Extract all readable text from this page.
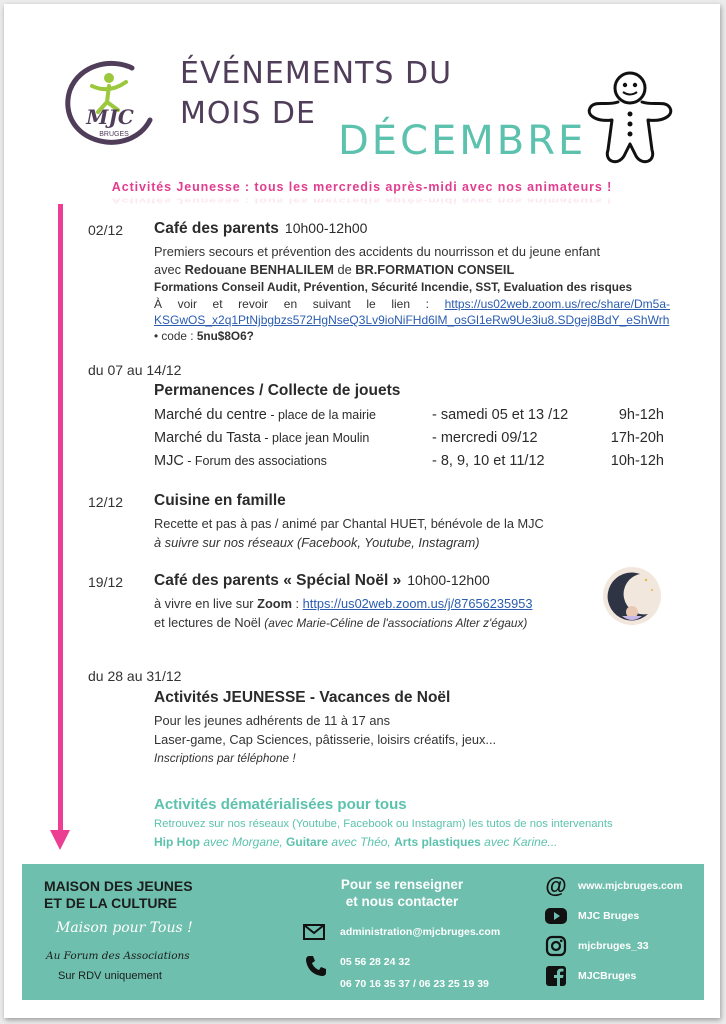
MJC
BRUGES
ÉVÉNEMENTS DU
MOIS DE
DÉCEMBRE
Activités Jeunesse : tous les mercredis après-midi avec nos animateurs !
Activités Jeunesse : tous les mercredis après-midi avec nos animateurs !
02/12 Café des parents 10h00-12h00
Premiers secours et prévention des accidents du nourrisson et du jeune enfant
avec Redouane BENHALILEM de BR.FORMATION CONSEIL
Formations Conseil Audit, Prévention, Sécurité Incendie, SST, Evaluation des risques
À voir et revoir en suivant le lien : https://us02web.zoom.us/rec/share/Dm5a- KSGwOS_x2q1PtNjbgbzs572HgNseQ3Lv9ioNiFHd6lM_osGl1eRw9Ue3iu8.SDgej8BdY_eShWrh
• code : 5nu$8O6?
du 07 au 14/12
Permanences / Collecte de jouets
Marché du centre - place de la mairie	- samedi 05 et 13 /12	9h-12h
Marché du Tasta - place jean Moulin	- mercredi 09/12	17h-20h
MJC - Forum des associations	- 8, 9, 10 et 11/12	10h-12h
12/12 Cuisine en famille
Recette et pas à pas / animé par Chantal HUET, bénévole de la MJC
à suivre sur nos réseaux (Facebook, Youtube, Instagram)
19/12 Café des parents « Spécial Noël » 10h00-12h00
à vivre en live sur Zoom : https://us02web.zoom.us/j/87656235953
et lectures de Noël (avec Marie-Céline de l'associations Alter z'égaux)
du 28 au 31/12
Activités JEUNESSE - Vacances de Noël
Pour les jeunes adhérents de 11 à 17 ans
Laser-game, Cap Sciences, pâtisserie, loisirs créatifs, jeux...
Inscriptions par téléphone !
Activités dématérialisées pour tous
Retrouvez sur nos réseaux (Youtube, Facebook ou Instagram) les tutos de nos intervenants
Hip Hop avec Morgane, Guitare avec Théo, Arts plastiques avec Karine...
MAISON DES JEUNES
ET DE LA CULTURE
Maison pour Tous !
Au Forum des Associations
Sur RDV uniquement
Pour se renseigner
et nous contacter
administration@mjcbruges.com
05 56 28 24 32
06 70 16 35 37 / 06 23 25 19 39
@ www.mjcbruges.com
MJC Bruges
mjcbruges_33
MJCBruges
